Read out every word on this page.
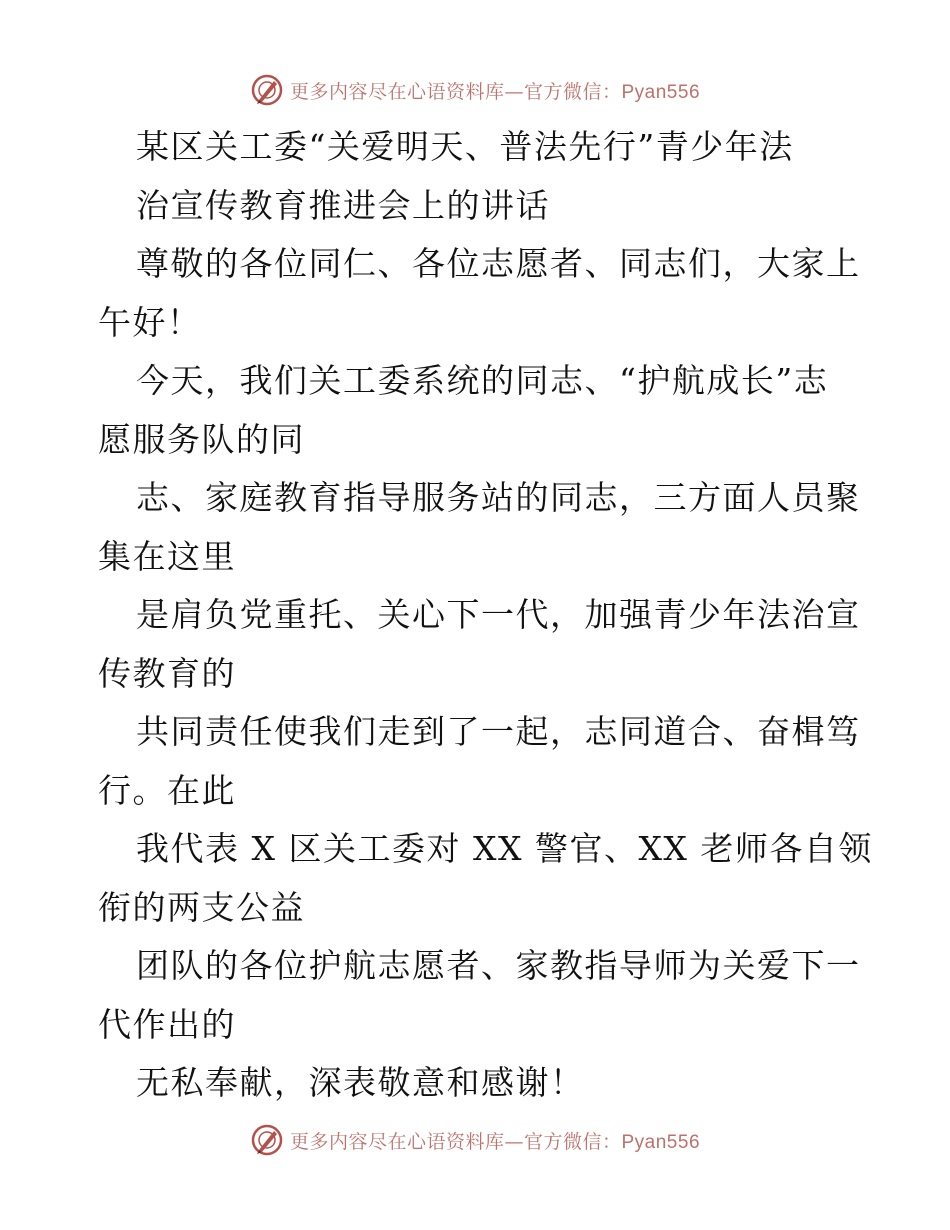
更多内容尽在心语资料库—官方微信：Pyan556
某区关工委“关爱明天、普法先行”青少年法
治宣传教育推进会上的讲话
尊敬的各位同仁、各位志愿者、同志们，大家上
午好！
今天，我们关工委系统的同志、“护航成长”志
愿服务队的同
志、家庭教育指导服务站的同志，三方面人员聚
集在这里
是肩负党重托、关心下一代，加强青少年法治宣
传教育的
共同责任使我们走到了一起，志同道合、奋楫笃
行。在此
我代表 X 区关工委对 XX 警官、XX 老师各自领
衔的两支公益
团队的各位护航志愿者、家教指导师为关爱下一
代作出的
无私奉献，深表敬意和感谢！
更多内容尽在心语资料库—官方微信：Pyan556
